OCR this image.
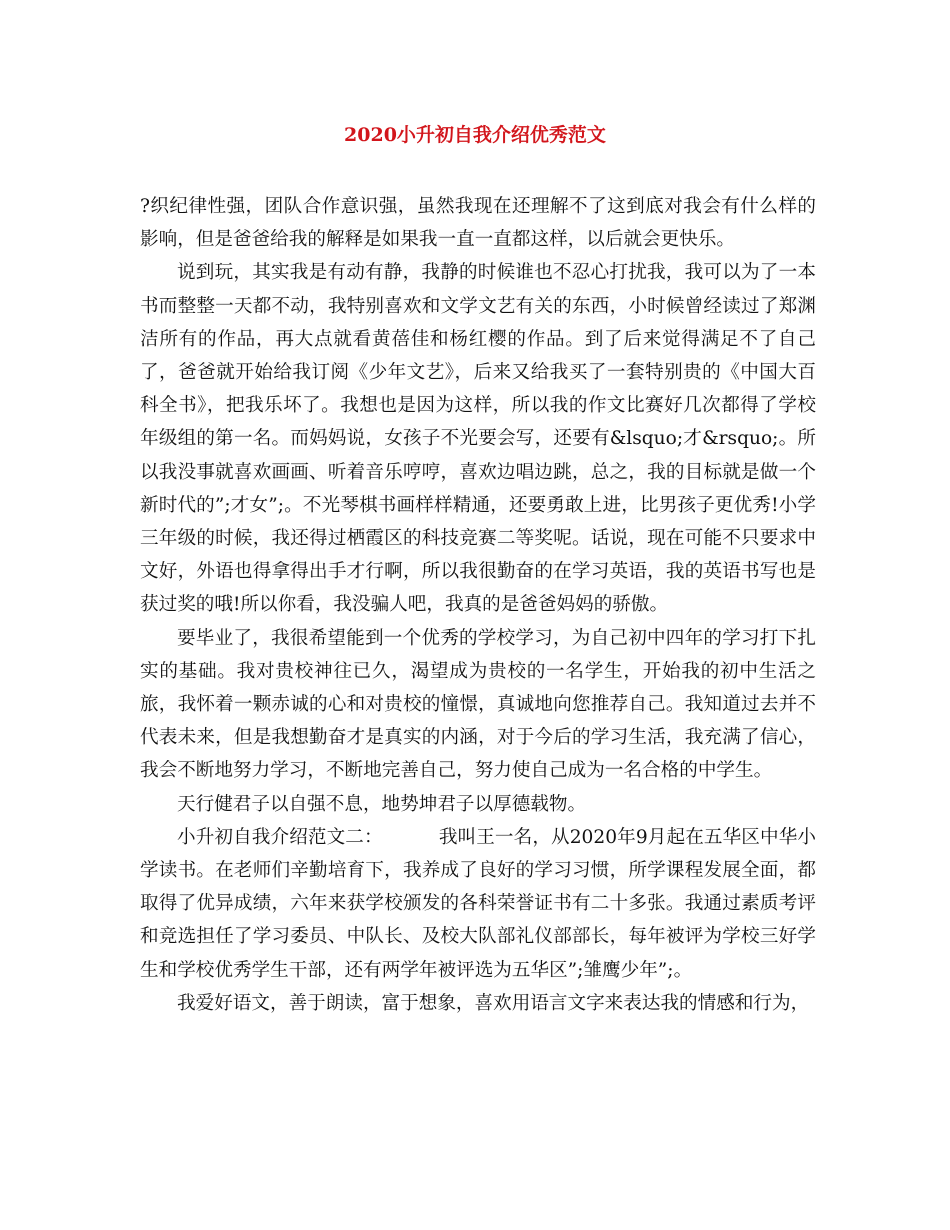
2020小升初自我介绍优秀范文

?织纪律性强，团队合作意识强，虽然我现在还理解不了这到底对我会有什么样的影响，但是爸爸给我的解释是如果我一直一直都这样，以后就会更快乐。

说到玩，其实我是有动有静，我静的时候谁也不忍心打扰我，我可以为了一本书而整整一天都不动，我特别喜欢和文学文艺有关的东西，小时候曾经读过了郑渊洁所有的作品，再大点就看黄蓓佳和杨红樱的作品。到了后来觉得满足不了自己了，爸爸就开始给我订阅《少年文艺》，后来又给我买了一套特别贵的《中国大百科全书》，把我乐坏了。我想也是因为这样，所以我的作文比赛好几次都得了学校年级组的第一名。而妈妈说，女孩子不光要会写，还要有&lsquo;才&rsquo;。所以我没事就喜欢画画、听着音乐哼哼，喜欢边唱边跳，总之，我的目标就是做一个新时代的”;才女”;。不光琴棋书画样样精通，还要勇敢上进，比男孩子更优秀!小学三年级的时候，我还得过栖霞区的科技竞赛二等奖呢。话说，现在可能不只要求中文好，外语也得拿得出手才行啊，所以我很勤奋的在学习英语，我的英语书写也是获过奖的哦!所以你看，我没骗人吧，我真的是爸爸妈妈的骄傲。

要毕业了，我很希望能到一个优秀的学校学习，为自己初中四年的学习打下扎实的基础。我对贵校神往已久，渴望成为贵校的一名学生，开始我的初中生活之旅，我怀着一颗赤诚的心和对贵校的憧憬，真诚地向您推荐自己。我知道过去并不代表未来，但是我想勤奋才是真实的内涵，对于今后的学习生活，我充满了信心，我会不断地努力学习，不断地完善自己，努力使自己成为一名合格的中学生。

天行健君子以自强不息，地势坤君子以厚德载物。

小升初自我介绍范文二：	我叫王一名，从2020年9月起在五华区中华小学读书。在老师们辛勤培育下，我养成了良好的学习习惯，所学课程发展全面，都取得了优异成绩，六年来获学校颁发的各科荣誉证书有二十多张。我通过素质考评和竞选担任了学习委员、中队长、及校大队部礼仪部部长，每年被评为学校三好学生和学校优秀学生干部，还有两学年被评选为五华区”;雏鹰少年”;。

我爱好语文，善于朗读，富于想象，喜欢用语言文字来表达我的情感和行为，
